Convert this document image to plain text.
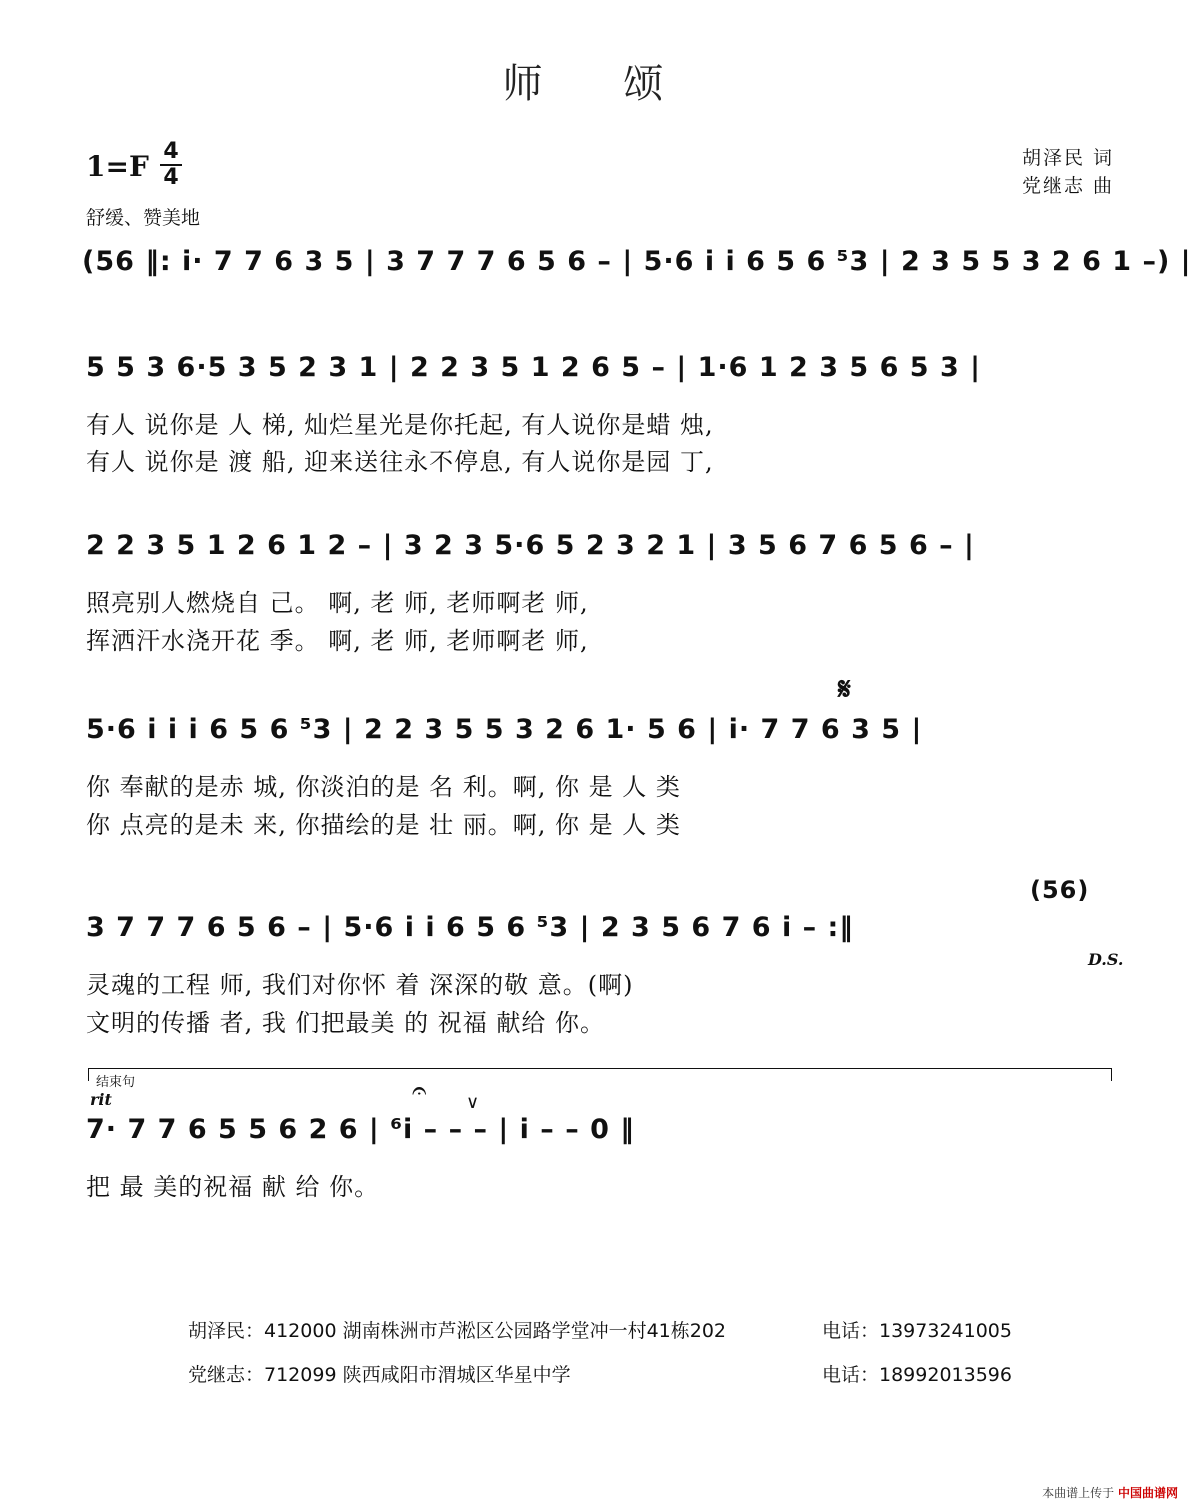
师 颂
1=F 4
4
舒缓、赞美地
胡泽民 词
党继志 曲
(56 ‖: i· 7 7 6 3 5 | 3 7 7 7 6 5 6 – | 5·6 i i 6 5 6 ⁵3 | 2 3 5 5 3 2 6 1 –) |
5 5 3 6·5 3 5 2 3 1 | 2 2 3 5 1 2 6 5 – | 1·6 1 2 3 5 6 5 3 |
有人 说你是 人 梯, 灿烂星光是你托起, 有人说你是蜡 烛,
有人 说你是 渡 船, 迎来送往永不停息, 有人说你是园 丁,
2 2 3 5 1 2 6 1 2 – | 3 2 3 5·6 5 2 3 2 1 | 3 5 6 7 6 5 6 – |
照亮别人燃烧自 己。 啊, 老 师, 老师啊老 师,
挥洒汗水浇开花 季。 啊, 老 师, 老师啊老 师,
𝄋
5·6 i i i 6 5 6 ⁵3 | 2 2 3 5 5 3 2 6 1· 5 6 | i· 7 7 6 3 5 |
你 奉献的是赤 城, 你淡泊的是 名 利。啊, 你 是 人 类
你 点亮的是未 来, 你描绘的是 壮 丽。啊, 你 是 人 类
(56)
3 7 7 7 6 5 6 – | 5·6 i i 6 5 6 ⁵3 | 2 3 5 6 7 6 i – :‖
D.S.
灵魂的工程 师, 我们对你怀 着 深深的敬 意。(啊)
文明的传播 者, 我 们把最美 的 祝福 献给 你。
结束句
rit	𝄐 ∨
7· 7 7 6 5 5 6 2 6 | ⁶i – – – | i – – 0 ‖
把 最 美的祝福 献 给 你。
胡泽民：412000 湖南株洲市芦淞区公园路学堂冲一村41栋202	电话：13973241005
党继志：712099 陕西咸阳市渭城区华星中学	电话：18992013596
本曲谱上传于 中国曲谱网
